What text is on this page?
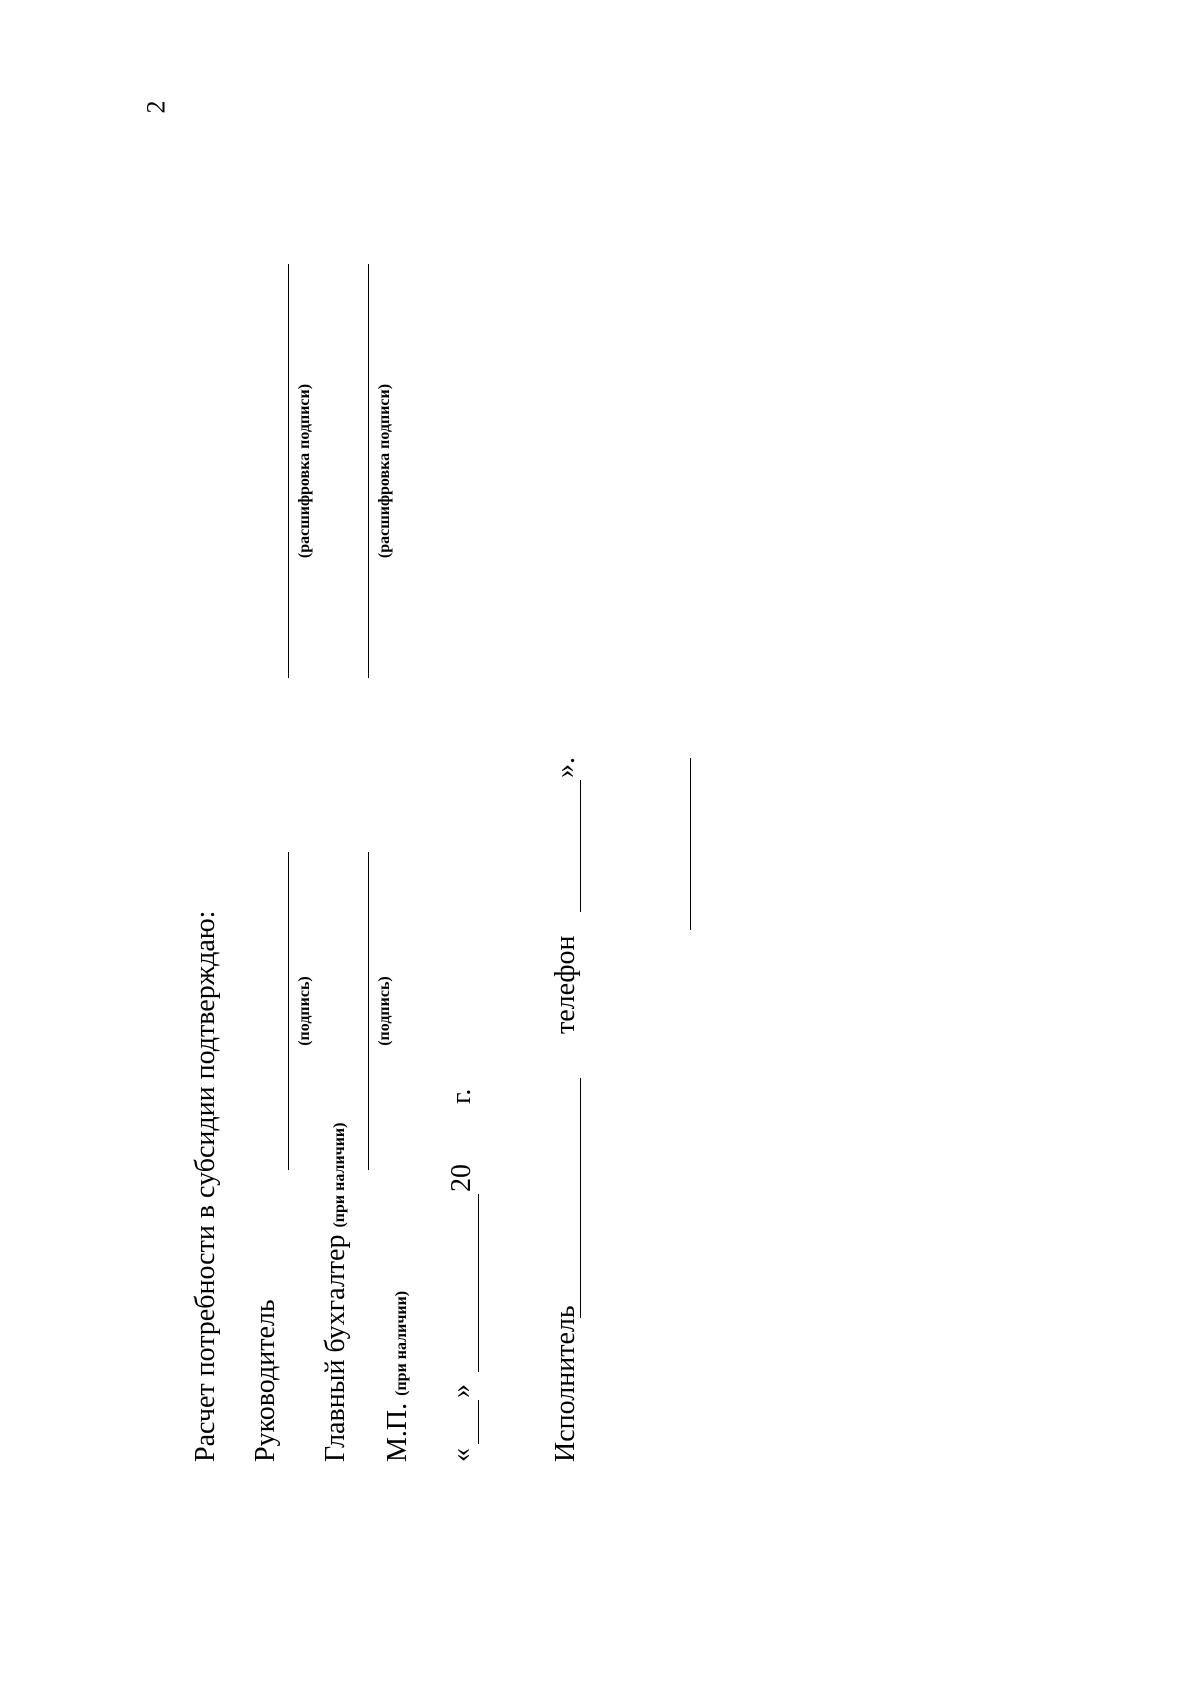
2
Расчет потребности в субсидии подтверждаю: Руководитель
(подпись)
(расшифровка подписи)
Главный бухгалтер (при наличии)
(подпись)
(расшифровка подписи)
М.П. (при наличии)
«
»
20
г.
Исполнитель
телефон
».
